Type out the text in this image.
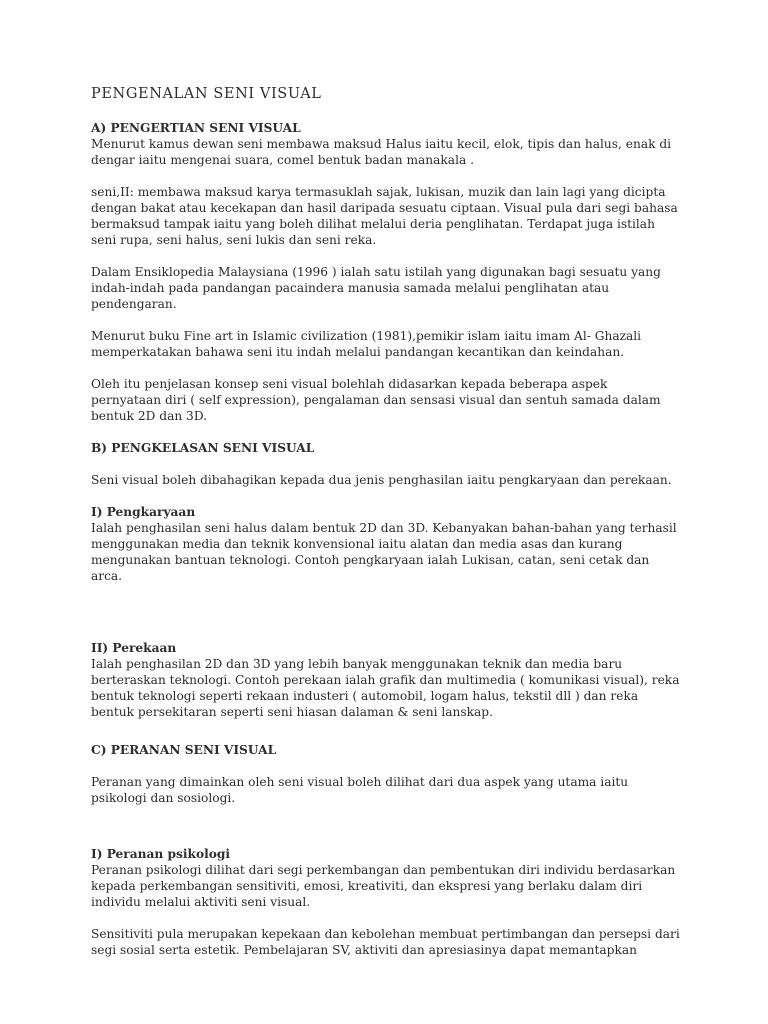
PENGENALAN SENI VISUAL

A) PENGERTIAN SENI VISUAL

Menurut kamus dewan seni membawa maksud Halus iaitu kecil, elok, tipis dan halus, enak di dengar iaitu mengenai suara, comel bentuk badan manakala .

seni,II: membawa maksud karya termasuklah sajak, lukisan, muzik dan lain lagi yang dicipta dengan bakat atau kecekapan dan hasil daripada sesuatu ciptaan. Visual pula dari segi bahasa bermaksud tampak iaitu yang boleh dilihat melalui deria penglihatan. Terdapat juga istilah seni rupa, seni halus, seni lukis dan seni reka.

Dalam Ensiklopedia Malaysiana (1996 ) ialah satu istilah yang digunakan bagi sesuatu yang indah-indah pada pandangan pacaindera manusia samada melalui penglihatan atau pendengaran.

Menurut buku Fine art in Islamic civilization (1981),pemikir islam iaitu imam Al- Ghazali memperkatakan bahawa seni itu indah melalui pandangan kecantikan dan keindahan.

Oleh itu penjelasan konsep seni visual bolehlah didasarkan kepada beberapa aspek pernyataan diri ( self expression), pengalaman dan sensasi visual dan sentuh samada dalam bentuk 2D dan 3D.

B) PENGKELASAN SENI VISUAL

Seni visual boleh dibahagikan kepada dua jenis penghasilan iaitu pengkaryaan dan perekaan.

I) Pengkaryaan

Ialah penghasilan seni halus dalam bentuk 2D dan 3D. Kebanyakan bahan-bahan yang terhasil menggunakan media dan teknik konvensional iaitu alatan dan media asas dan kurang mengunakan bantuan teknologi. Contoh pengkaryaan ialah Lukisan, catan, seni cetak dan arca.

II) Perekaan

Ialah penghasilan 2D dan 3D yang lebih banyak menggunakan teknik dan media baru berteraskan teknologi. Contoh perekaan ialah grafik dan multimedia ( komunikasi visual), reka bentuk teknologi seperti rekaan industeri ( automobil, logam halus, tekstil dll ) dan reka bentuk persekitaran seperti seni hiasan dalaman & seni lanskap.

C) PERANAN SENI VISUAL

Peranan yang dimainkan oleh seni visual boleh dilihat dari dua aspek yang utama iaitu psikologi dan sosiologi.

I) Peranan psikologi

Peranan psikologi dilihat dari segi perkembangan dan pembentukan diri individu berdasarkan kepada perkembangan sensitiviti, emosi, kreativiti, dan ekspresi yang berlaku dalam diri individu melalui aktiviti seni visual.

Sensitiviti pula merupakan kepekaan dan kebolehan membuat pertimbangan dan persepsi dari segi sosial serta estetik. Pembelajaran SV, aktiviti dan apresiasinya dapat memantapkan
